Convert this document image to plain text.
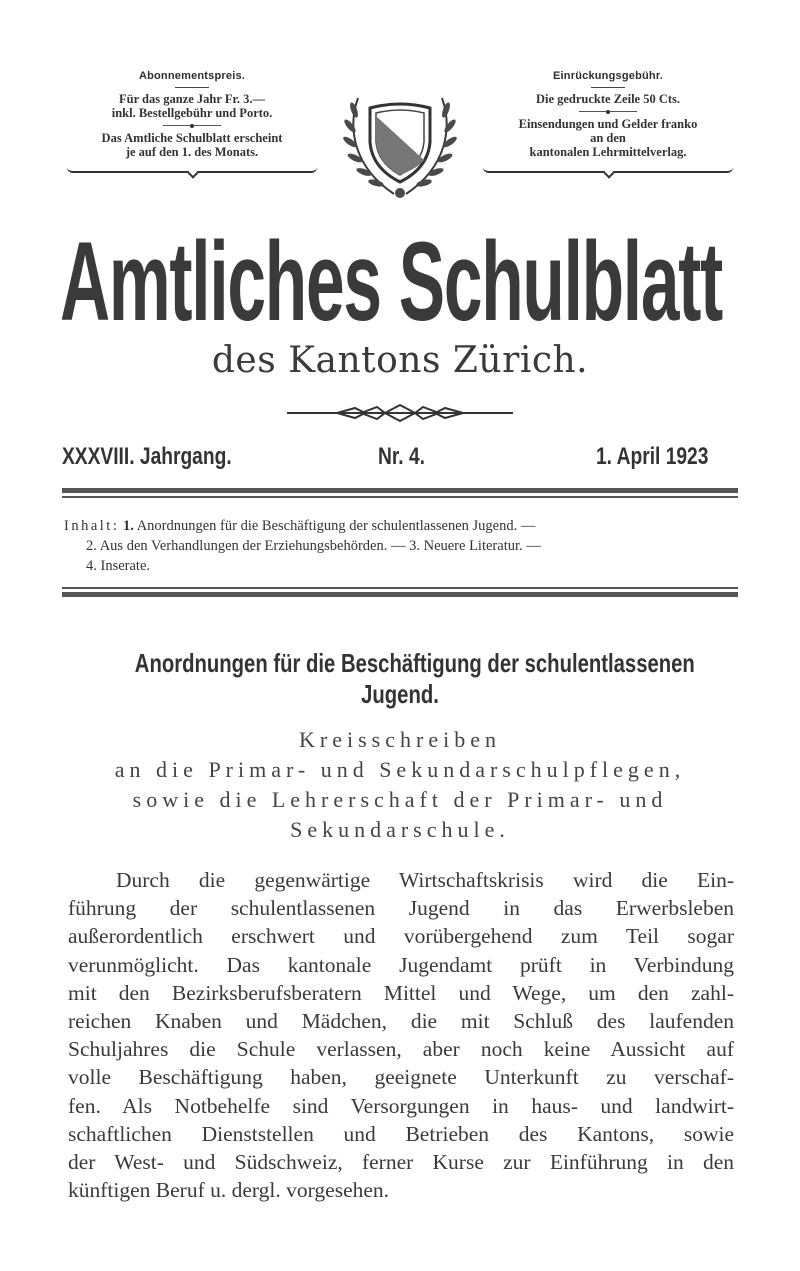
Abonnementspreis.
Für das ganze Jahr Fr. 3.—
inkl. Bestellgebühr und Porto.
Das Amtliche Schulblatt erscheint
je auf den 1. des Monats.
Einrückungsgebühr.
Die gedruckte Zeile 50 Cts.
Einsendungen und Gelder franko
an den
kantonalen Lehrmittelverlag.
Amtliches Schulblatt
des Kantons Zürich.
XXXVIII. Jahrgang.	Nr. 4.	1. April 1923

Inhalt: 1. Anordnungen für die Beschäftigung der schulentlassenen Jugend. —

2. Aus den Verhandlungen der Erziehungsbehörden. — 3. Neuere Literatur. —

4. Inserate.

Anordnungen für die Beschäftigung der schulentlassenen
Jugend.
Kreisschreiben
an die Primar- und Sekundarschulpflegen,
sowie die Lehrerschaft der Primar- und
Sekundarschule.
Durch die gegenwärtige Wirtschaftskrisis wird die Ein-
führung der schulentlassenen Jugend in das Erwerbsleben
außerordentlich erschwert und vorübergehend zum Teil sogar
verunmöglicht. Das kantonale Jugendamt prüft in Verbindung
mit den Bezirksberufsberatern Mittel und Wege, um den zahl-
reichen Knaben und Mädchen, die mit Schluß des laufenden
Schuljahres die Schule verlassen, aber noch keine Aussicht auf
volle Beschäftigung haben, geeignete Unterkunft zu verschaf-
fen. Als Notbehelfe sind Versorgungen in haus- und landwirt-
schaftlichen Dienststellen und Betrieben des Kantons, sowie
der West- und Südschweiz, ferner Kurse zur Einführung in den
künftigen Beruf u. dergl. vorgesehen.
